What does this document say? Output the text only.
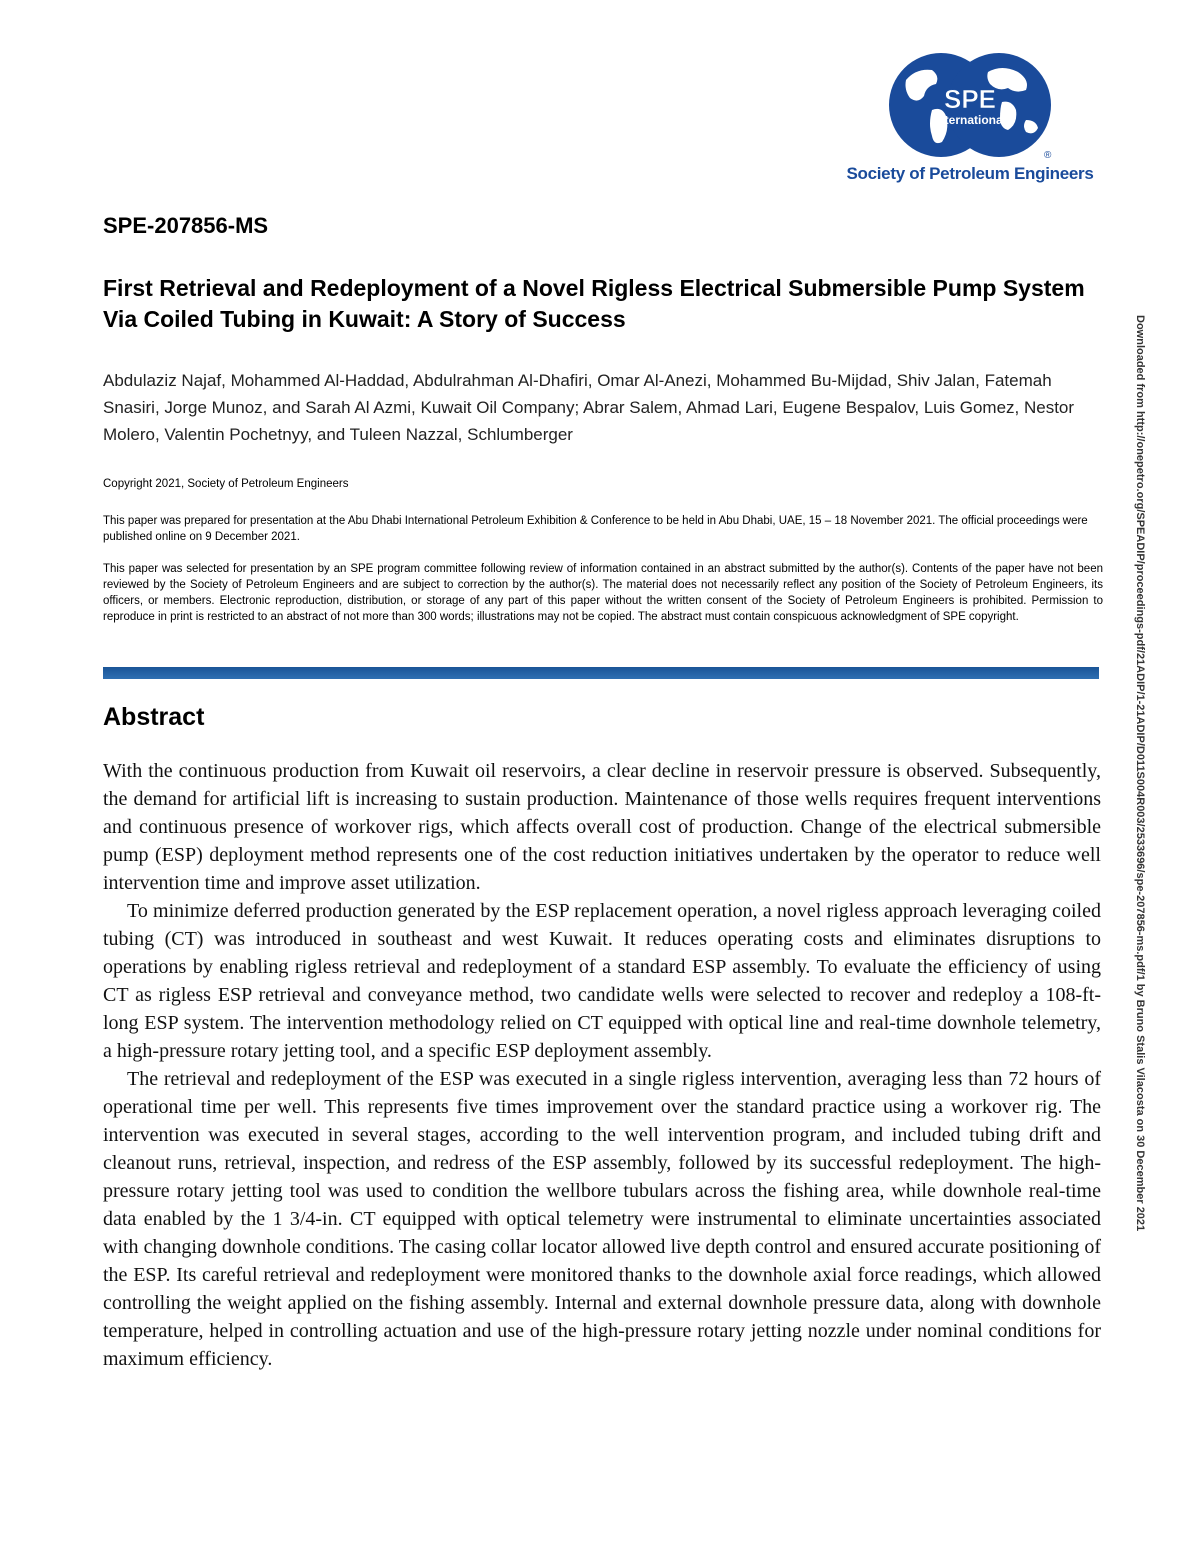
SPE
International
®
Society of Petroleum Engineers
SPE-207856-MS
First Retrieval and Redeployment of a Novel Rigless Electrical Submersible Pump System Via Coiled Tubing in Kuwait: A Story of Success

Abdulaziz Najaf, Mohammed Al-Haddad, Abdulrahman Al-Dhafiri, Omar Al-Anezi, Mohammed Bu-Mijdad, Shiv Jalan, Fatemah Snasiri, Jorge Munoz, and Sarah Al Azmi, Kuwait Oil Company; Abrar Salem, Ahmad Lari, Eugene Bespalov, Luis Gomez, Nestor Molero, Valentin Pochetnyy, and Tuleen Nazzal, Schlumberger

Copyright 2021, Society of Petroleum Engineers

This paper was prepared for presentation at the Abu Dhabi International Petroleum Exhibition & Conference to be held in Abu Dhabi, UAE, 15 – 18 November 2021. The official proceedings were published online on 9 December 2021.

This paper was selected for presentation by an SPE program committee following review of information contained in an abstract submitted by the author(s). Contents of the paper have not been reviewed by the Society of Petroleum Engineers and are subject to correction by the author(s). The material does not necessarily reflect any position of the Society of Petroleum Engineers, its officers, or members. Electronic reproduction, distribution, or storage of any part of this paper without the written consent of the Society of Petroleum Engineers is prohibited. Permission to reproduce in print is restricted to an abstract of not more than 300 words; illustrations may not be copied. The abstract must contain conspicuous acknowledgment of SPE copyright.

Abstract

With the continuous production from Kuwait oil reservoirs, a clear decline in reservoir pressure is observed. Subsequently, the demand for artificial lift is increasing to sustain production. Maintenance of those wells requires frequent interventions and continuous presence of workover rigs, which affects overall cost of production. Change of the electrical submersible pump (ESP) deployment method represents one of the cost reduction initiatives undertaken by the operator to reduce well intervention time and improve asset utilization.

To minimize deferred production generated by the ESP replacement operation, a novel rigless approach leveraging coiled tubing (CT) was introduced in southeast and west Kuwait. It reduces operating costs and eliminates disruptions to operations by enabling rigless retrieval and redeployment of a standard ESP assembly. To evaluate the efficiency of using CT as rigless ESP retrieval and conveyance method, two candidate wells were selected to recover and redeploy a 108-ft-long ESP system. The intervention methodology relied on CT equipped with optical line and real-time downhole telemetry, a high-pressure rotary jetting tool, and a specific ESP deployment assembly.

The retrieval and redeployment of the ESP was executed in a single rigless intervention, averaging less than 72 hours of operational time per well. This represents five times improvement over the standard practice using a workover rig. The intervention was executed in several stages, according to the well intervention program, and included tubing drift and cleanout runs, retrieval, inspection, and redress of the ESP assembly, followed by its successful redeployment. The high-pressure rotary jetting tool was used to condition the wellbore tubulars across the fishing area, while downhole real-time data enabled by the 1 3/4-in. CT equipped with optical telemetry were instrumental to eliminate uncertainties associated with changing downhole conditions. The casing collar locator allowed live depth control and ensured accurate positioning of the ESP. Its careful retrieval and redeployment were monitored thanks to the downhole axial force readings, which allowed controlling the weight applied on the fishing assembly. Internal and external downhole pressure data, along with downhole temperature, helped in controlling actuation and use of the high-pressure rotary jetting nozzle under nominal conditions for maximum efficiency.

Downloaded from http://onepetro.org/SPEADIP/proceedings-pdf/21ADIP/1-21ADIP/D011S004R003/2533696/spe-207856-ms.pdf/1 by Bruno Stalis Vilacosta on 30 December 2021
